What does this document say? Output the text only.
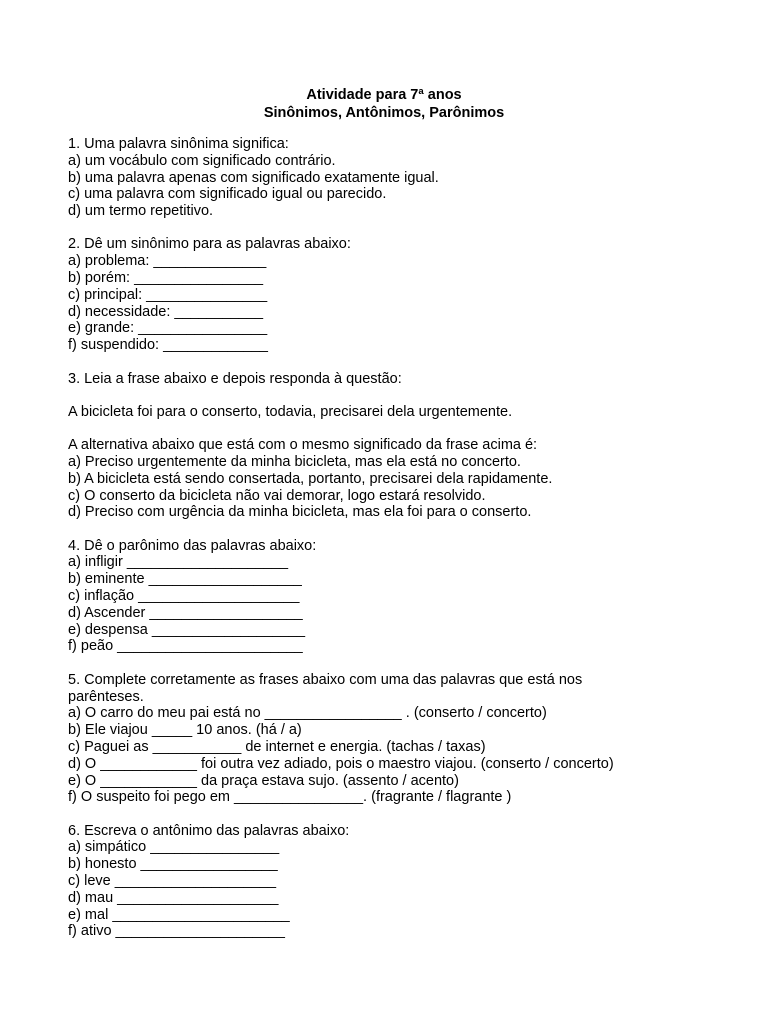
Atividade para 7ª anos
Sinônimos, Antônimos, Parônimos
1. Uma palavra sinônima significa:
a) um vocábulo com significado contrário.
b) uma palavra apenas com significado exatamente igual.
c) uma palavra com significado igual ou parecido.
d) um termo repetitivo.
2. Dê um sinônimo para as palavras abaixo:
a) problema: ______________
b) porém: ________________
c) principal: _______________
d) necessidade: ___________
e) grande: ________________
f) suspendido: _____________
3. Leia a frase abaixo e depois responda à questão:
A bicicleta foi para o conserto, todavia, precisarei dela urgentemente.
A alternativa abaixo que está com o mesmo significado da frase acima é:
a) Preciso urgentemente da minha bicicleta, mas ela está no concerto.
b) A bicicleta está sendo consertada, portanto, precisarei dela rapidamente.
c) O conserto da bicicleta não vai demorar, logo estará resolvido.
d) Preciso com urgência da minha bicicleta, mas ela foi para o conserto.
4. Dê o parônimo das palavras abaixo:
a) infligir ____________________
b) eminente ___________________
c) inflação ____________________
d) Ascender ___________________
e) despensa ___________________
f) peão _______________________
5. Complete corretamente as frases abaixo com uma das palavras que está nos
parênteses.
a) O carro do meu pai está no _________________ . (conserto / concerto)
b) Ele viajou _____ 10 anos. (há / a)
c) Paguei as ___________ de internet e energia. (tachas / taxas)
d) O ____________ foi outra vez adiado, pois o maestro viajou. (conserto / concerto)
e) O ____________ da praça estava sujo. (assento / acento)
f) O suspeito foi pego em ________________. (fragrante / flagrante )
6. Escreva o antônimo das palavras abaixo:
a) simpático ________________
b) honesto _________________
c) leve ____________________
d) mau ____________________
e) mal ______________________
f) ativo _____________________
